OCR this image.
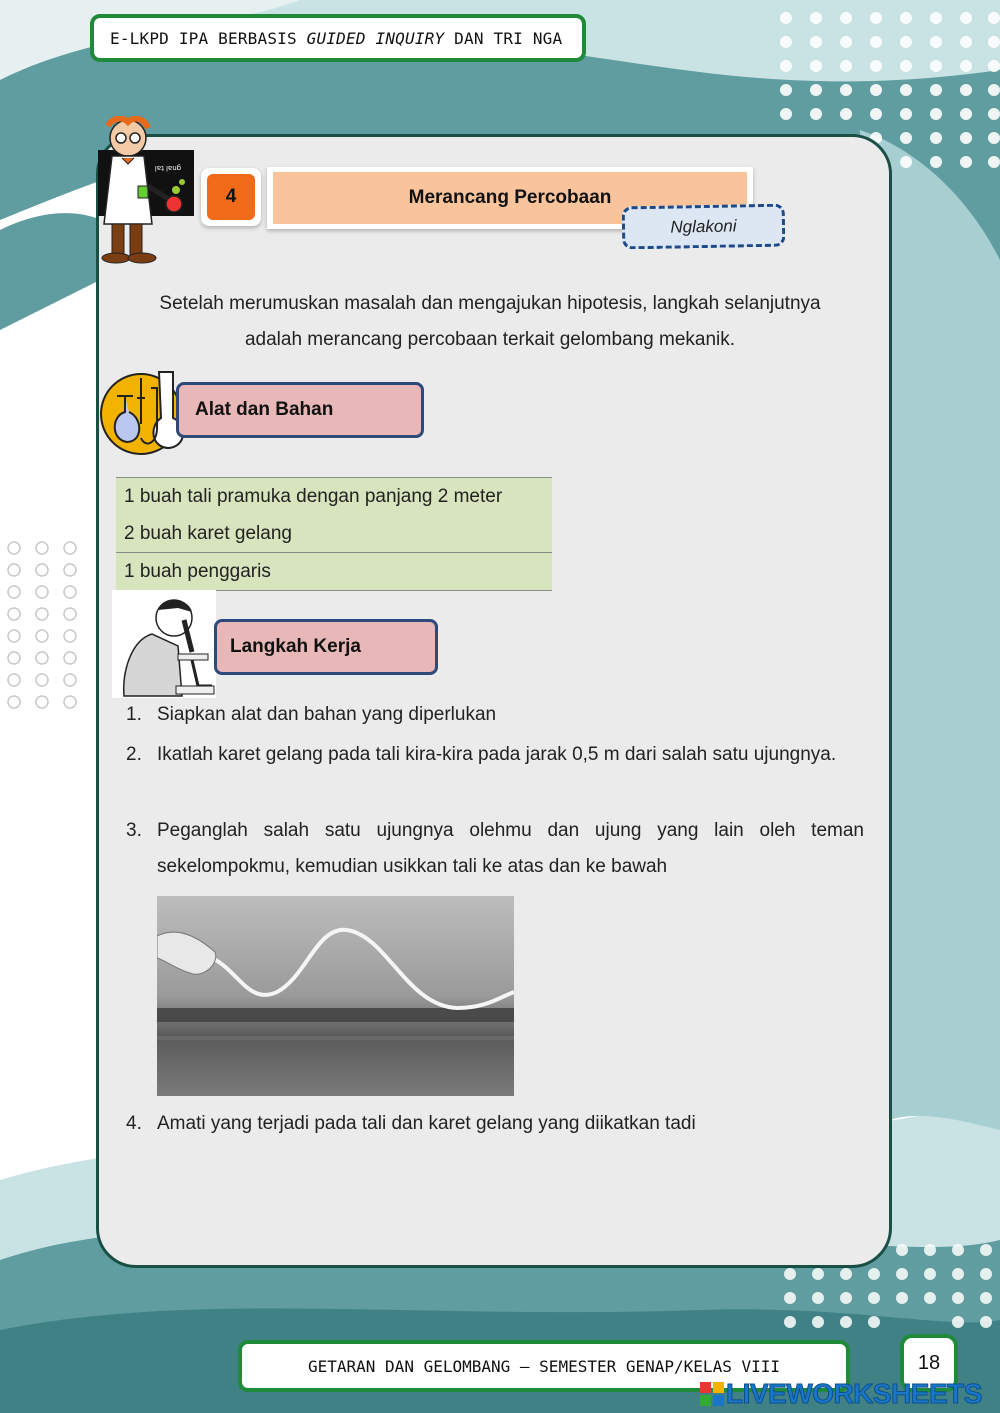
E-LKPD IPA BERBASIS GUIDED INQUIRY DAN TRI NGA
gnal tal
4	Merancang Percobaan
Nglakoni
Setelah merumuskan masalah dan mengajukan hipotesis, langkah selanjutnya adalah merancang percobaan terkait gelombang mekanik.
Alat dan Bahan
1 buah tali pramuka dengan panjang 2 meter
2 buah karet gelang
1 buah penggaris
Langkah Kerja
1. Siapkan alat dan bahan yang diperlukan
2. Ikatlah karet gelang pada tali kira-kira pada jarak 0,5 m dari salah satu ujungnya.
3. Peganglah salah satu ujungnya olehmu dan ujung yang lain oleh teman sekelompokmu, kemudian usikkan tali ke atas dan ke bawah
4. Amati yang terjadi pada tali dan karet gelang yang diikatkan tadi
GETARAN DAN GELOMBANG – SEMESTER GENAP/KELAS VIII	18
LIVEWORKSHEETS
